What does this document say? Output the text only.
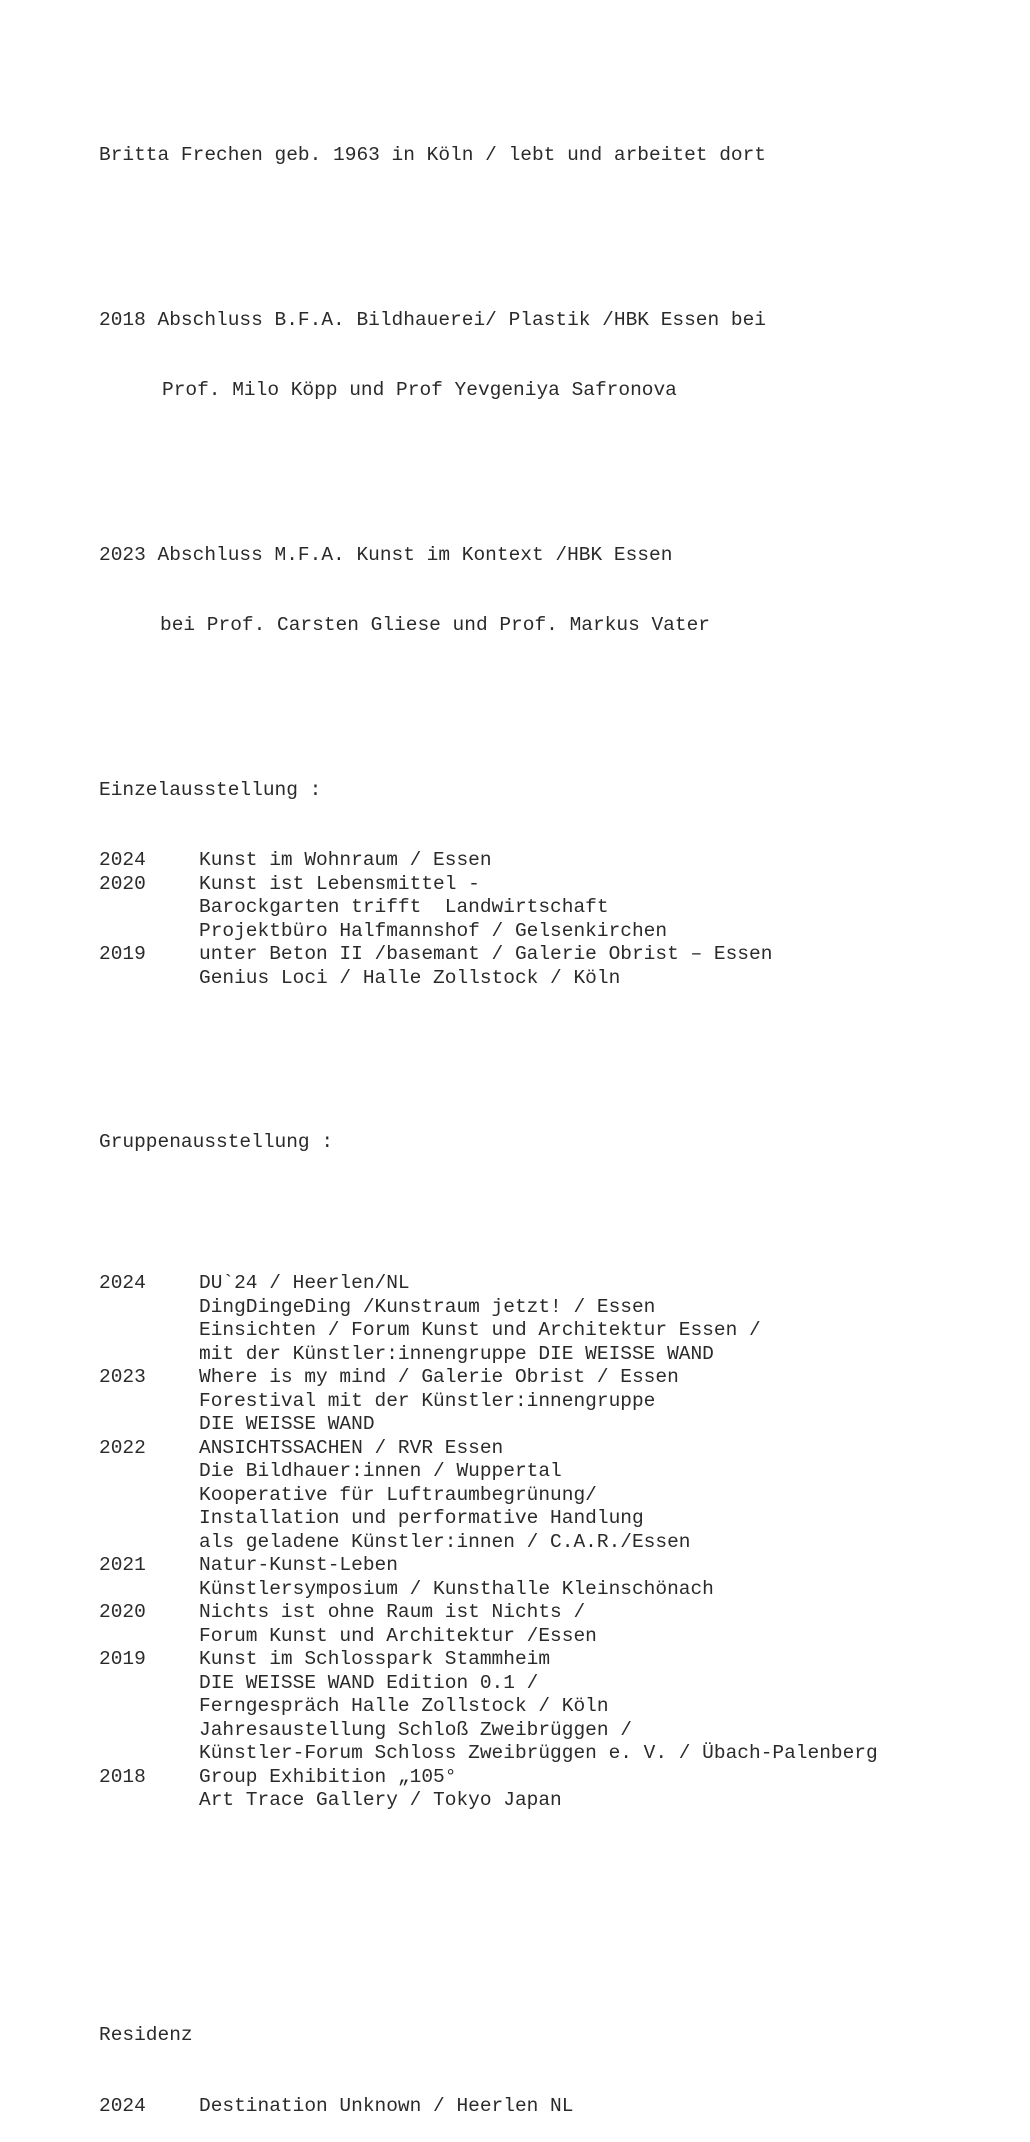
Britta Frechen geb. 1963 in Köln / lebt und arbeitet dort

2018 Abschluss B.F.A. Bildhauerei/ Plastik /HBK Essen bei

Prof. Milo Köpp und Prof Yevgeniya Safronova

2023 Abschluss M.F.A. Kunst im Kontext /HBK Essen

bei Prof. Carsten Gliese und Prof. Markus Vater

Einzelausstellung :

2024	Kunst im Wohnraum / Essen
2020	Kunst ist Lebensmittel -
Barockgarten trifft  Landwirtschaft
Projektbüro Halfmannshof / Gelsenkirchen
2019	unter Beton II /basemant / Galerie Obrist – Essen
Genius Loci / Halle Zollstock / Köln

Gruppenausstellung :

2024	DU`24 / Heerlen/NL
DingDingeDing /Kunstraum jetzt! / Essen
Einsichten / Forum Kunst und Architektur Essen /
mit der Künstler:innengruppe DIE WEISSE WAND
2023	Where is my mind / Galerie Obrist / Essen
Forestival mit der Künstler:innengruppe
DIE WEISSE WAND
2022	ANSICHTSSACHEN / RVR Essen
Die Bildhauer:innen / Wuppertal
Kooperative für Luftraumbegrünung/
Installation und performative Handlung
als geladene Künstler:innen / C.A.R./Essen
2021	Natur-Kunst-Leben
Künstlersymposium / Kunsthalle Kleinschönach
2020	Nichts ist ohne Raum ist Nichts /
Forum Kunst und Architektur /Essen
2019	Kunst im Schlosspark Stammheim
DIE WEISSE WAND Edition 0.1 /
Ferngespräch Halle Zollstock / Köln
Jahresaustellung Schloß Zweibrüggen /
Künstler-Forum Schloss Zweibrüggen e. V. / Übach-Palenberg
2018	Group Exhibition „105°
Art Trace Gallery / Tokyo Japan

Residenz

2024	Destination Unknown / Heerlen NL
